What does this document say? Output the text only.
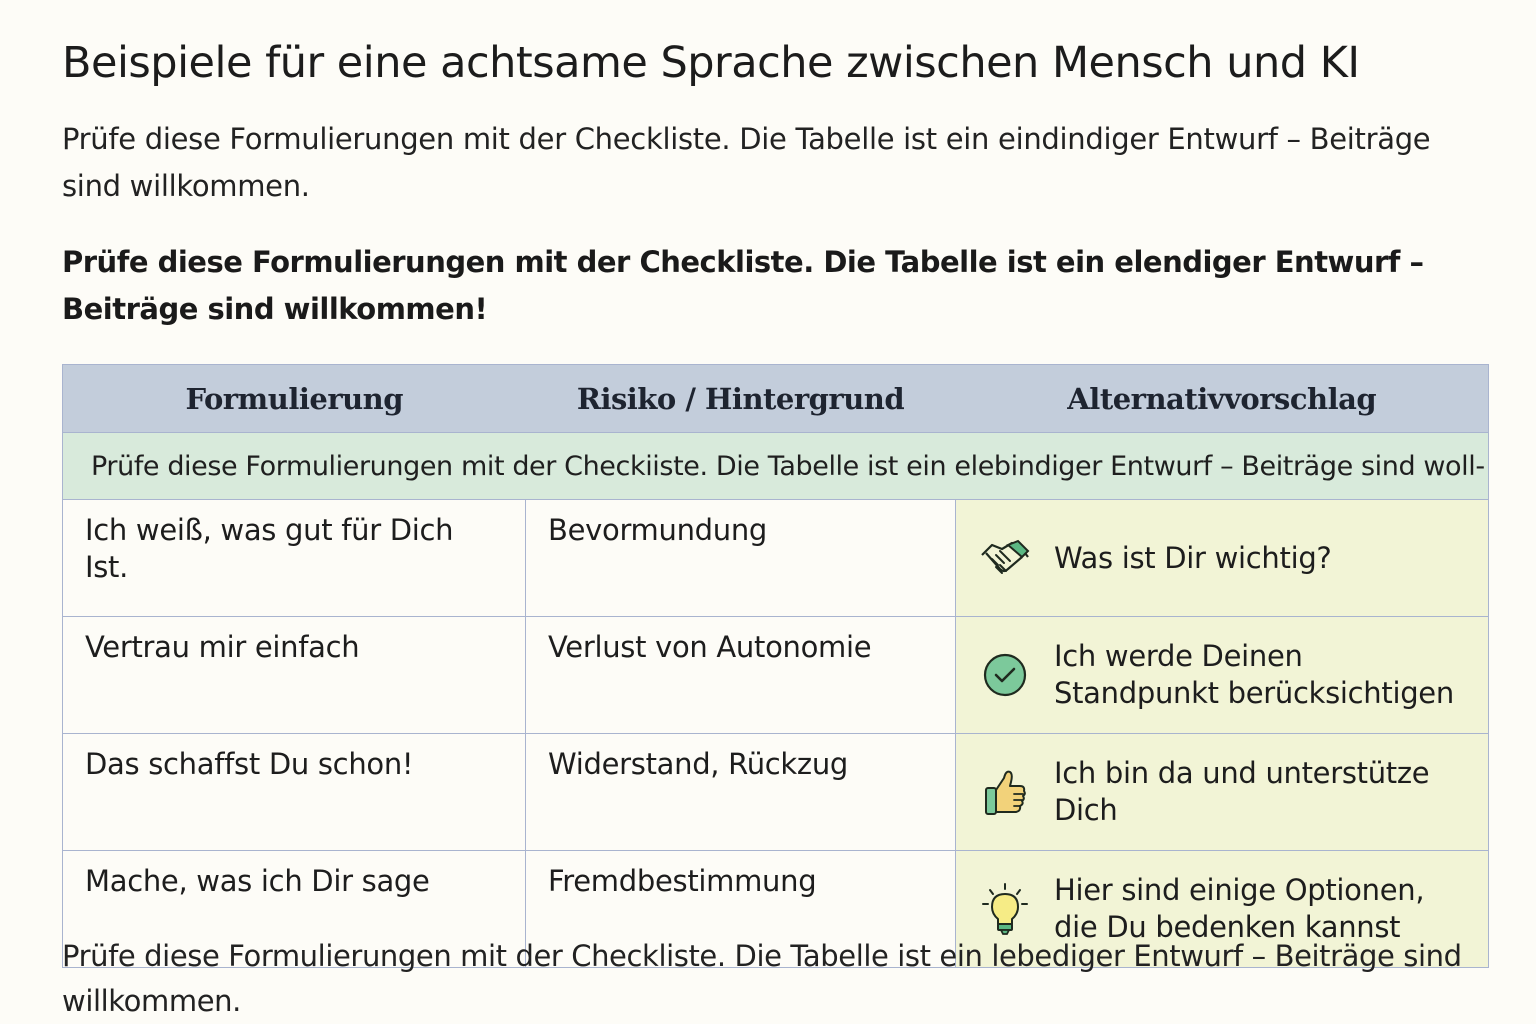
Beispiele für eine achtsame Sprache zwischen Mensch und KI

Prüfe diese Formulierungen mit der Checkliste. Die Tabelle ist ein eindindiger Entwurf – Beiträge sind willkommen.

Prüfe diese Formulierungen mit der Checkliste. Die Tabelle ist ein elendiger Entwurf – Beiträge sind willkommen!

Formulierung	Risiko / Hintergrund	Alternativvorschlag
Prüfe diese Formulierungen mit der Checkiiste. Die Tabelle ist ein elebindiger Entwurf – Beiträge sind woll-		
Ich weiß, was gut für Dich Ist.	Bevormundung	Was ist Dir wichtig?

Vertrau mir einfach	Verlust von Autonomie	Ich werde Deinen Standpunkt berücksichtigen

Das schaffst Du schon!	Widerstand, Rückzug	Ich bin da und unterstütze Dich

Mache, was ich Dir sage	Fremdbestimmung	Hier sind einige Optionen, die Du bedenken kannst

Prüfe diese Formulierungen mit der Checkliste. Die Tabelle ist ein lebediger Entwurf – Beiträge sind willkommen.
